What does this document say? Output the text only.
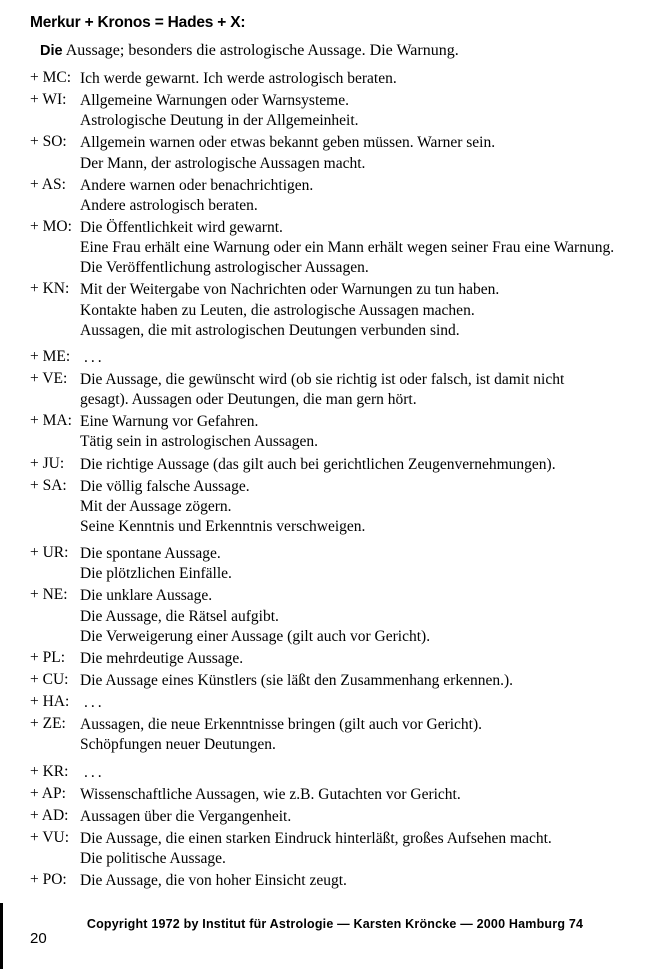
Merkur + Kronos = Hades + X:

Die Aussage; besonders die astrologische Aussage. Die Warnung.

+ MC: Ich werde gewarnt. Ich werde astrologisch beraten.
+ WI: Allgemeine Warnungen oder Warnsysteme.
Astrologische Deutung in der Allgemeinheit.
+ SO: Allgemein warnen oder etwas bekannt geben müssen. Warner sein.
Der Mann, der astrologische Aussagen macht.
+ AS: Andere warnen oder benachrichtigen.
Andere astrologisch beraten.
+ MO: Die Öffentlichkeit wird gewarnt.
Eine Frau erhält eine Warnung oder ein Mann erhält wegen seiner Frau eine Warnung.
Die Veröffentlichung astrologischer Aussagen.
+ KN: Mit der Weitergabe von Nachrichten oder Warnungen zu tun haben.
Kontakte haben zu Leuten, die astrologische Aussagen machen.
Aussagen, die mit astrologischen Deutungen verbunden sind.
+ ME: ...
+ VE: Die Aussage, die gewünscht wird (ob sie richtig ist oder falsch, ist damit nicht
gesagt). Aussagen oder Deutungen, die man gern hört.
+ MA: Eine Warnung vor Gefahren.
Tätig sein in astrologischen Aussagen.
+ JU:	Die richtige Aussage (das gilt auch bei gerichtlichen Zeugenvernehmungen).
+ SA: Die völlig falsche Aussage.
Mit der Aussage zögern.
Seine Kenntnis und Erkenntnis verschweigen.
+ UR: Die spontane Aussage.
Die plötzlichen Einfälle.
+ NE: Die unklare Aussage.
Die Aussage, die Rätsel aufgibt.
Die Verweigerung einer Aussage (gilt auch vor Gericht).
+ PL: Die mehrdeutige Aussage.
+ CU: Die Aussage eines Künstlers (sie läßt den Zusammenhang erkennen.).
+ HA: ...
+ ZE: Aussagen, die neue Erkenntnisse bringen (gilt auch vor Gericht).
Schöpfungen neuer Deutungen.
+ KR:	...
+ AP: Wissenschaftliche Aussagen, wie z.B. Gutachten vor Gericht.
+ AD: Aussagen über die Vergangenheit.
+ VU: Die Aussage, die einen starken Eindruck hinterläßt, großes Aufsehen macht.
Die politische Aussage.
+ PO: Die Aussage, die von hoher Einsicht zeugt.
Copyright 1972 by Institut für Astrologie — Karsten Kröncke — 2000 Hamburg 74
20
